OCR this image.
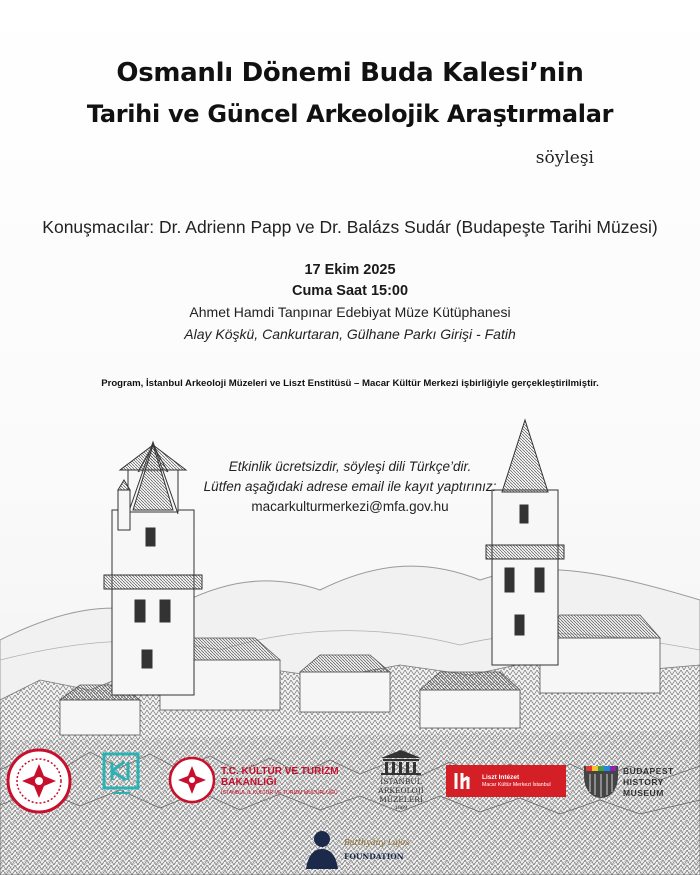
Osmanlı Dönemi Buda Kalesi’nin
Tarihi ve Güncel Arkeolojik Araştırmalar
söyleşi
Konuşmacılar: Dr. Adrienn Papp ve Dr. Balázs Sudár (Budapeşte Tarihi Müzesi)
17 Ekim 2025
Cuma Saat 15:00
Ahmet Hamdi Tanpınar Edebiyat Müze Kütüphanesi
Alay Köşkü, Cankurtaran, Gülhane Parkı Girişi - Fatih
Program, İstanbul Arkeoloji Müzeleri ve Liszt Enstitüsü – Macar Kültür Merkezi işbirliğiyle gerçekleştirilmiştir.
Etkinlik ücretsizdir, söyleşi dili Türkçe’dir.
Lütfen aşağıdaki adrese email ile kayıt yaptırınız:
macarkulturmerkezi@mfa.gov.hu
T.C. KÜLTÜR VE TURİZM
BAKANLIĞI
İSTANBUL İL KÜLTÜR VE TURİZM MÜDÜRLÜĞÜ
İSTANBUL
ARKEOLOJİ
MÜZELERİ
1869
Liszt Intézet
Macar Kültür Merkezi İstanbul
BUDAPEST
HISTORY
MUSEUM
Batthyány Lajos
FOUNDATION
